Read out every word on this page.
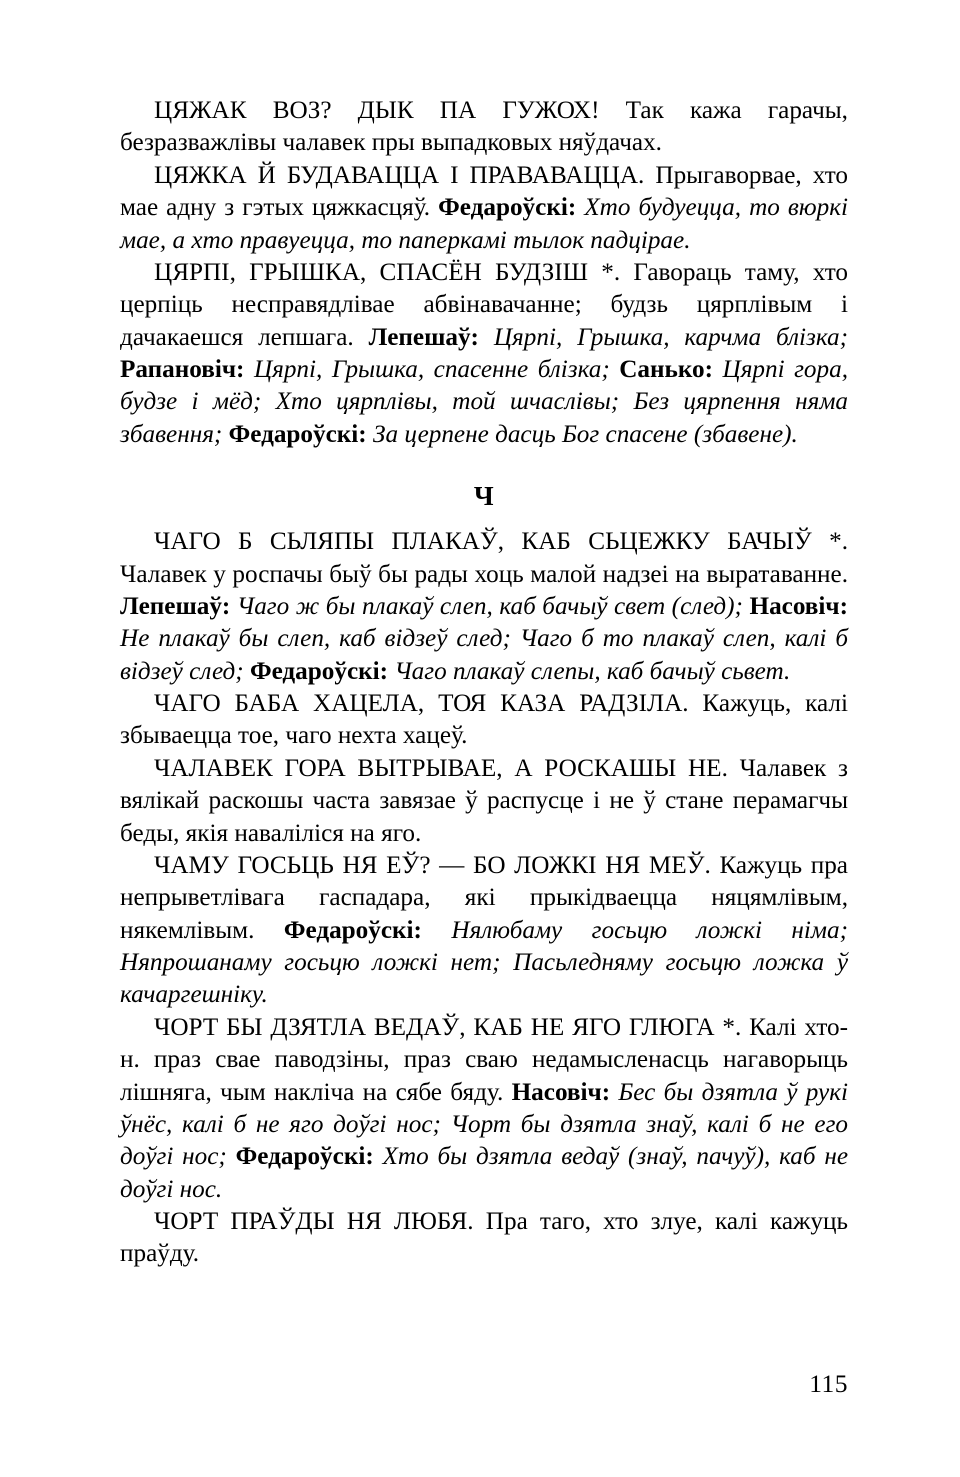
ЦЯЖАК ВОЗ? ДЫК ПА ГУЖОХ! Так кажа гарачы, безразважлівы чалавек пры выпадковых няўдачах.

ЦЯЖКА Й БУДАВАЦЦА І ПРАВАВАЦЦА. Прыгаворвае, хто мае адну з гэтых цяжкасцяў. Федароўскі: Хто будуецца, то вюркі мае, а хто правуецца, то паперкамі тылок падцірае.

ЦЯРПІ, ГРЫШКА, СПАСЁН БУДЗІШ *. Гавораць таму, хто церпіць несправядлівае абвінавачанне; будзь цярплівым і дачакаешся лепшага. Лепешаў: Цярпі, Грышка, карчма блізка; Рапановіч: Цярпі, Грышка, спасенне блізка; Санько: Цярпі гора, будзе і мёд; Хто цярплівы, той шчаслівы; Без цярпення няма збавення; Федароўскі: За церпене дасць Бог спасене (збавене).

Ч

ЧАГО Б СЬЛЯПЫ ПЛАКАЎ, КАБ СЬЦЕЖКУ БАЧЫЎ *. Чалавек у роспачы быў бы рады хоць малой надзеі на выратаванне. Лепешаў: Чаго ж бы плакаў слеп, каб бачыў свет (след); Насовіч: Не плакаў бы слеп, каб відзеў след; Чаго б то плакаў слеп, калі б відзеў след; Федароўскі: Чаго плакаў слепы, каб бачыў сьвет.

ЧАГО БАБА ХАЦЕЛА, ТОЯ КАЗА РАДЗІЛА. Кажуць, калі збываецца тое, чаго нехта хацеў.

ЧАЛАВЕК ГОРА ВЫТРЫВАЕ, А РОСКАШЫ НЕ. Чалавек з вялікай раскошы часта завязае ў распусце і не ў стане перамагчы беды, якія наваліліся на яго.

ЧАМУ ГОСЬЦЬ НЯ ЕЎ? — БО ЛОЖКІ НЯ МЕЎ. Кажуць пра непрыветлівага гаспадара, які прыкідваецца няцямлівым, някемлівым. Федароўскі: Нялюбаму госьцю ложкі німа; Няпрошанаму госьцю ложкі нет; Пасьледняму госьцю ложка ў качаргешніку.

ЧОРТ БЫ ДЗЯТЛА ВЕДАЎ, КАБ НЕ ЯГО ГЛЮГА *. Калі хто-н. праз свае паводзіны, праз сваю недамысленасць нагаворыць лішняга, чым накліча на сябе бяду. Насовіч: Бес бы дзятла ў рукі ўнёс, калі б не яго доўгі нос; Чорт бы дзятла знаў, калі б не его доўгі нос; Федароўскі: Хто бы дзятла ведаў (знаў, пачуў), каб не доўгі нос.

ЧОРТ ПРАЎДЫ НЯ ЛЮБЯ. Пра таго, хто злуе, калі кажуць праўду.

115
